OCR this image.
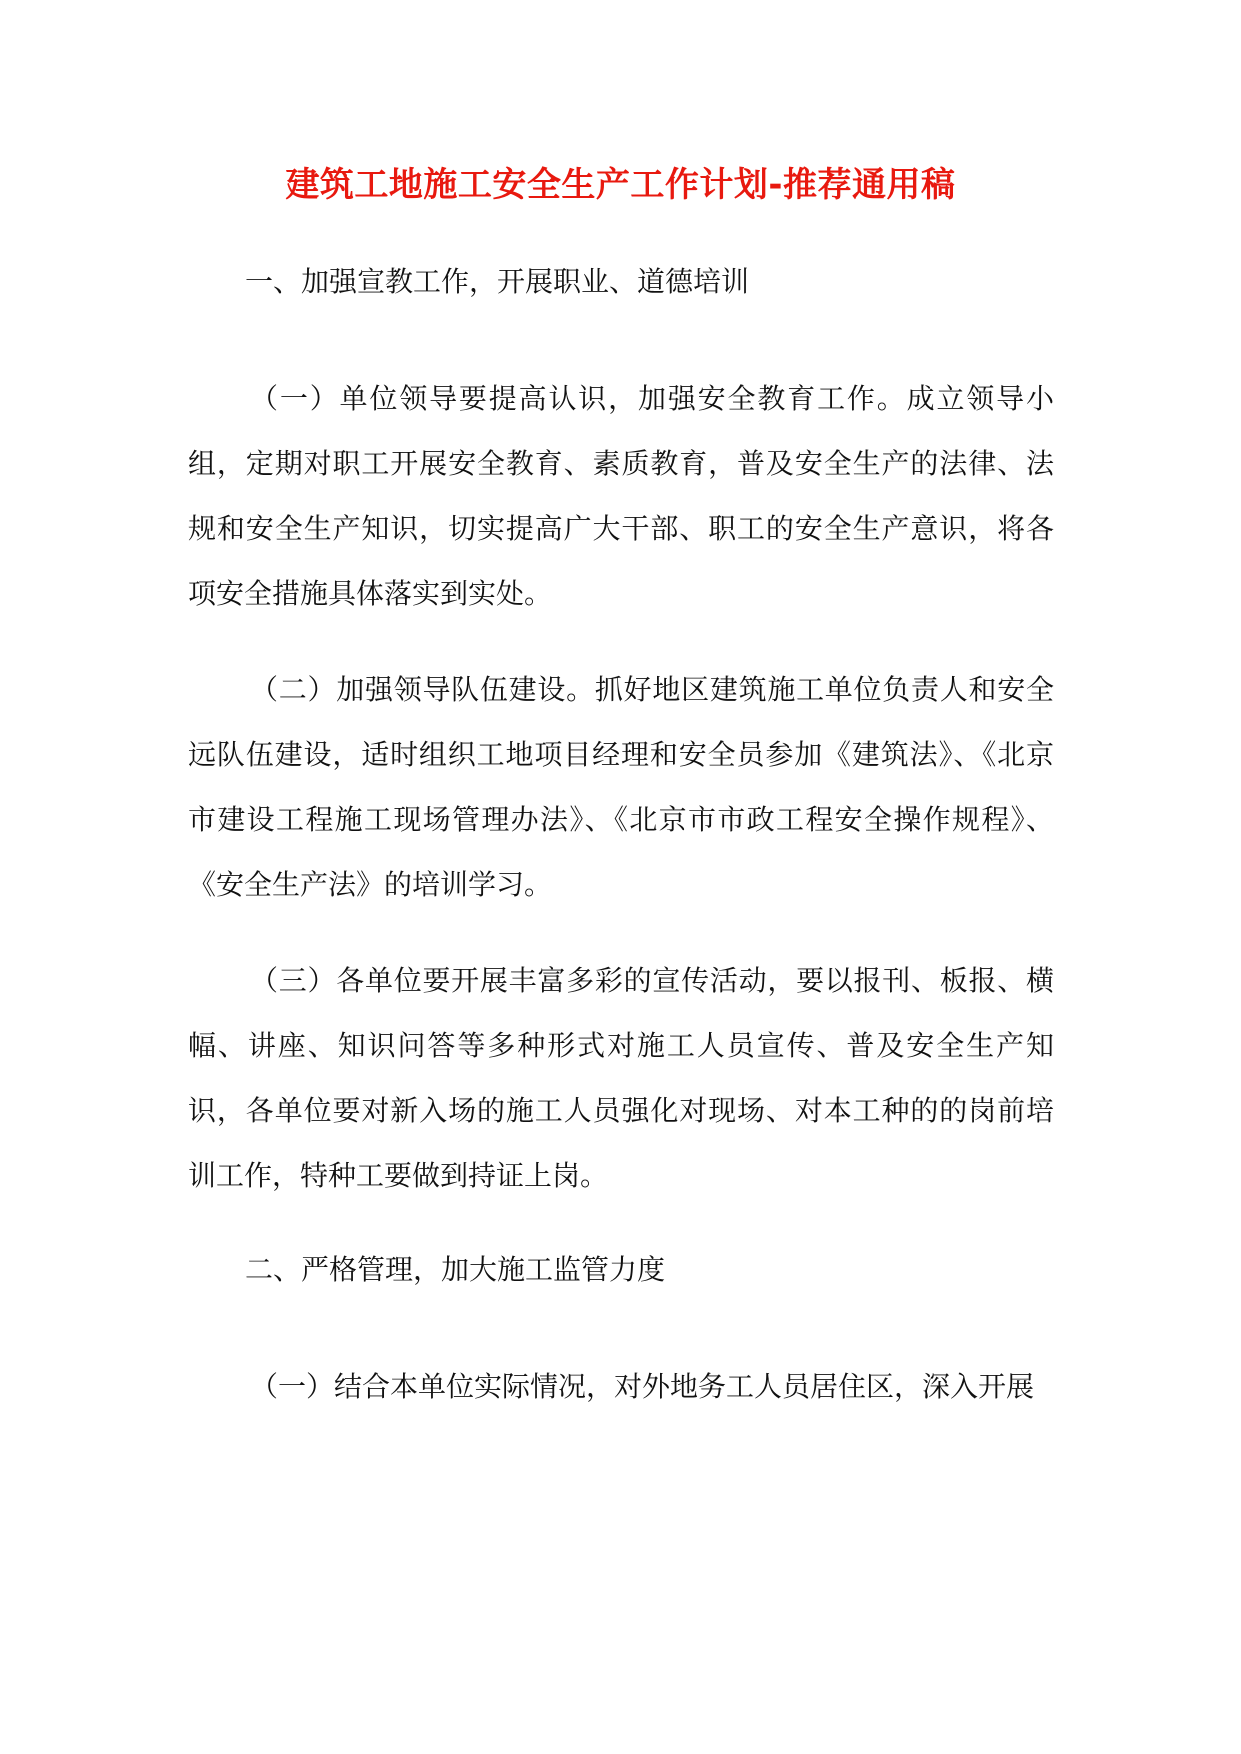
建筑工地施工安全生产工作计划-推荐通用稿
一、加强宣教工作，开展职业、道德培训

（一）单位领导要提高认识，加强安全教育工作。成立领导小组，定期对职工开展安全教育、素质教育，普及安全生产的法律、法规和安全生产知识，切实提高广大干部、职工的安全生产意识，将各项安全措施具体落实到实处。

（二）加强领导队伍建设。抓好地区建筑施工单位负责人和安全远队伍建设，适时组织工地项目经理和安全员参加《建筑法》、《北京市建设工程施工现场管理办法》、《北京市市政工程安全操作规程》、《安全生产法》的培训学习。

（三）各单位要开展丰富多彩的宣传活动，要以报刊、板报、横幅、讲座、知识问答等多种形式对施工人员宣传、普及安全生产知识，各单位要对新入场的施工人员强化对现场、对本工种的的岗前培训工作，特种工要做到持证上岗。

二、严格管理，加大施工监管力度

（一）结合本单位实际情况，对外地务工人员居住区，深入开展
